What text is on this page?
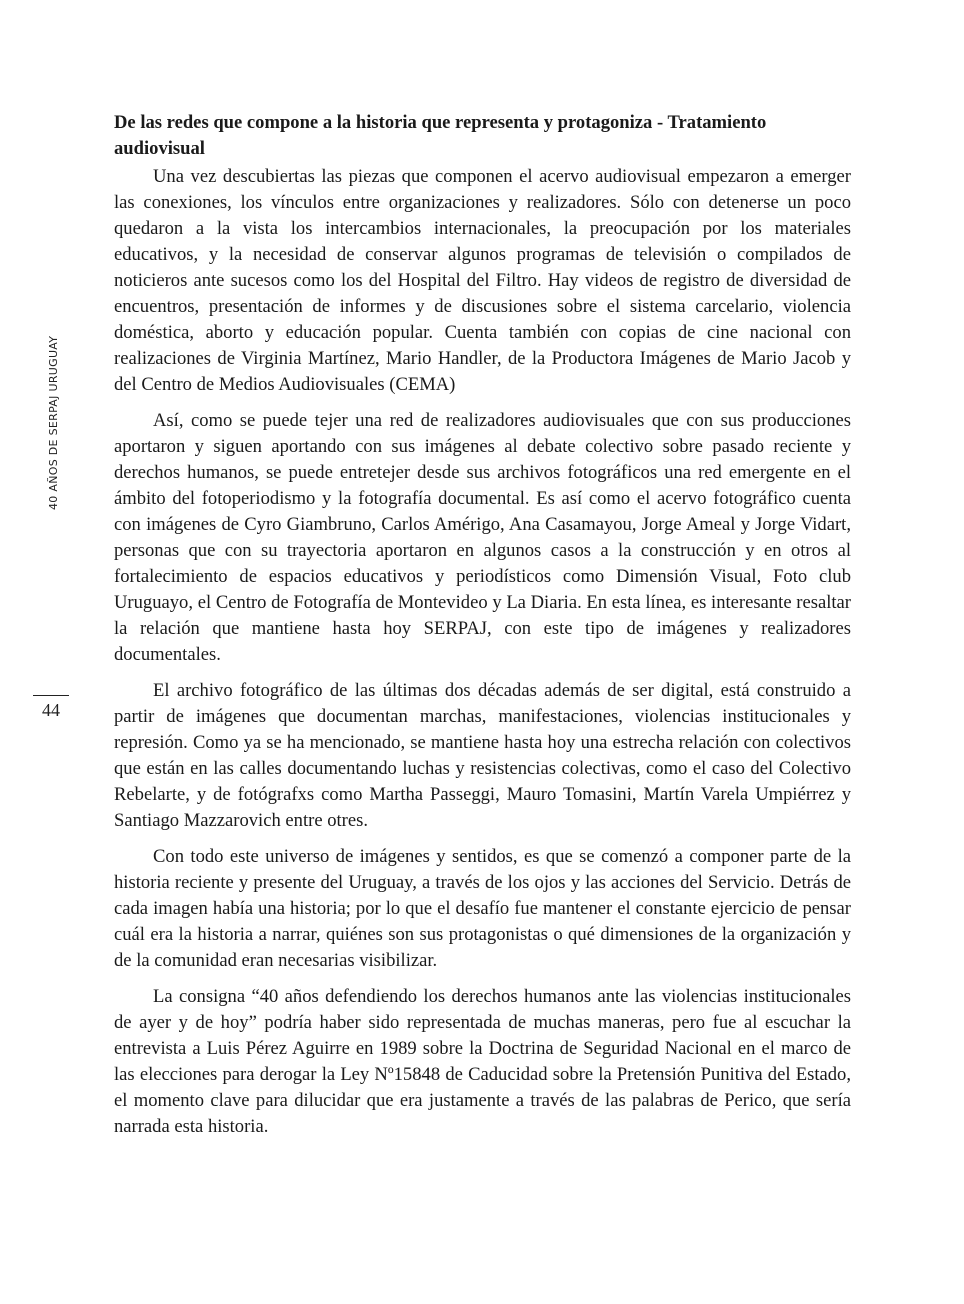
40 AÑOS DE SERPAJ URUGUAY
44

De las redes que compone a la historia que representa y protagoniza - Tratamiento audiovisual

Una vez descubiertas las piezas que componen el acervo audiovisual empezaron a emerger las conexiones, los vínculos entre organizaciones y realizadores. Sólo con detenerse un poco quedaron a la vista los intercambios internacionales, la preocupación por los materiales educativos, y la necesidad de conservar algunos programas de televisión o compilados de noticieros ante sucesos como los del Hospital del Filtro. Hay videos de registro de diversidad de encuentros, presentación de informes y de discusiones sobre el sistema carcelario, violencia doméstica, aborto y educación popular. Cuenta también con copias de cine nacional con realizaciones de Virginia Martínez, Mario Handler, de la Productora Imágenes de Mario Jacob y del Centro de Medios Audiovisuales (CEMA)

Así, como se puede tejer una red de realizadores audiovisuales que con sus producciones aportaron y siguen aportando con sus imágenes al debate colectivo sobre pasado reciente y derechos humanos, se puede entretejer desde sus archivos fotográficos una red emergente en el ámbito del fotoperiodismo y la fotografía documental. Es así como el acervo fotográfico cuenta con imágenes de Cyro Giambruno, Carlos Amérigo, Ana Casamayou, Jorge Ameal y Jorge Vidart, personas que con su trayectoria aportaron en algunos casos a la construcción y en otros al fortalecimiento de espacios educativos y periodísticos como Dimensión Visual, Foto club Uruguayo, el Centro de Fotografía de Montevideo y La Diaria. En esta línea, es interesante resaltar la relación que mantiene hasta hoy SERPAJ, con este tipo de imágenes y realizadores documentales.

El archivo fotográfico de las últimas dos décadas además de ser digital, está construido a partir de imágenes que documentan marchas, manifestaciones, violencias institucionales y represión. Como ya se ha mencionado, se mantiene hasta hoy una estrecha relación con colectivos que están en las calles documentando luchas y resistencias colectivas, como el caso del Colectivo Rebelarte, y de fotógrafxs como Martha Passeggi, Mauro Tomasini, Martín Varela Umpiérrez y Santiago Mazzarovich entre otres.

Con todo este universo de imágenes y sentidos, es que se comenzó a componer parte de la historia reciente y presente del Uruguay, a través de los ojos y las acciones del Servicio. Detrás de cada imagen había una historia; por lo que el desafío fue mantener el constante ejercicio de pensar cuál era la historia a narrar, quiénes son sus protagonistas o qué dimensiones de la organización y de la comunidad eran necesarias visibilizar.

La consigna “40 años defendiendo los derechos humanos ante las violencias institucionales de ayer y de hoy” podría haber sido representada de muchas maneras, pero fue al escuchar la entrevista a Luis Pérez Aguirre en 1989 sobre la Doctrina de Seguridad Nacional en el marco de las elecciones para derogar la Ley Nº15848 de Caducidad sobre la Pretensión Punitiva del Estado, el momento clave para dilucidar que era justamente a través de las palabras de Perico, que sería narrada esta historia.
